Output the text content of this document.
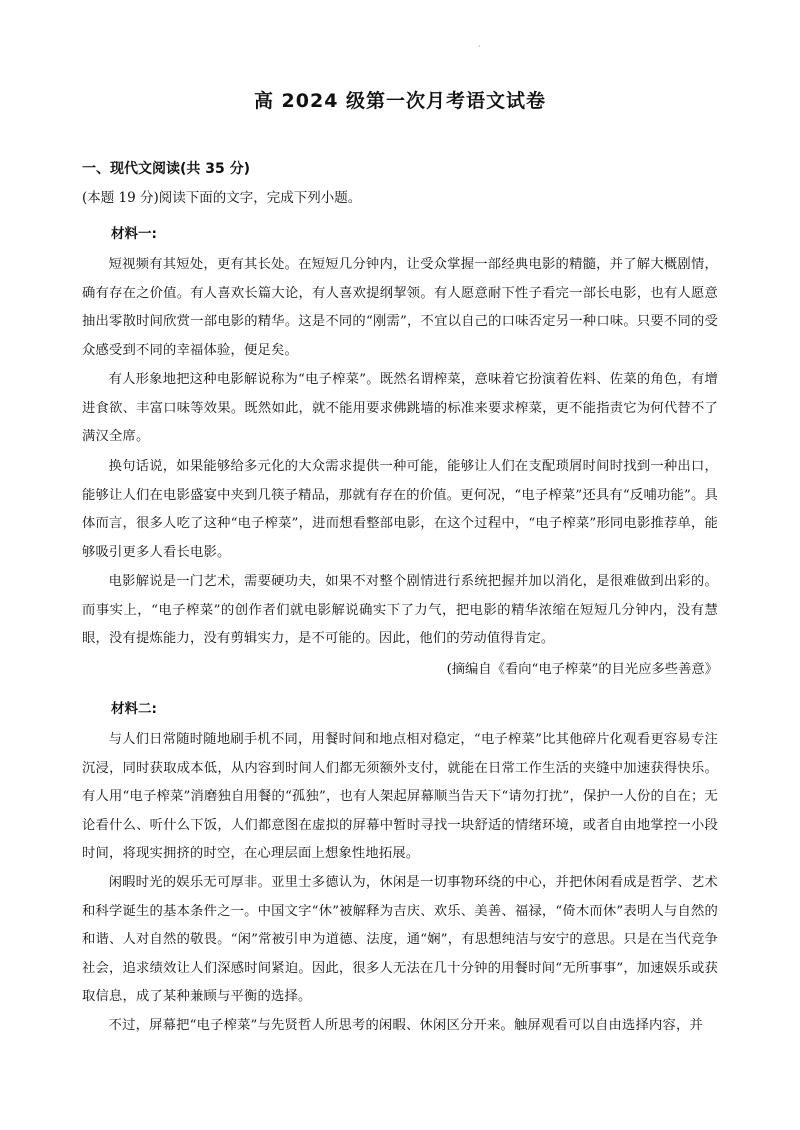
·
高 2024 级第一次月考语文试卷
一、现代文阅读(共 35 分)
(本题 19 分)阅读下面的文字，完成下列小题。
材料一:

短视频有其短处，更有其长处。在短短几分钟内，让受众掌握一部经典电影的精髓，并了解大概剧情，确有存在之价值。有人喜欢长篇大论，有人喜欢提纲挈领。有人愿意耐下性子看完一部长电影，也有人愿意抽出零散时间欣赏一部电影的精华。这是不同的“刚需”，不宜以自己的口味否定另一种口味。只要不同的受众感受到不同的幸福体验，便足矣。

有人形象地把这种电影解说称为“电子榨菜”。既然名谓榨菜，意味着它扮演着佐料、佐菜的角色，有增进食欲、丰富口味等效果。既然如此，就不能用要求佛跳墙的标准来要求榨菜，更不能指责它为何代替不了满汉全席。

换句话说，如果能够给多元化的大众需求提供一种可能，能够让人们在支配琐屑时间时找到一种出口，能够让人们在电影盛宴中夹到几筷子精品，那就有存在的价值。更何况，“电子榨菜”还具有“反哺功能”。具体而言，很多人吃了这种“电子榨菜”，进而想看整部电影，在这个过程中，“电子榨菜”形同电影推荐单，能够吸引更多人看长电影。

电影解说是一门艺术，需要硬功夫，如果不对整个剧情进行系统把握并加以消化，是很难做到出彩的。而事实上，“电子榨菜”的创作者们就电影解说确实下了力气，把电影的精华浓缩在短短几分钟内，没有慧眼，没有提炼能力，没有剪辑实力，是不可能的。因此，他们的劳动值得肯定。

(摘编自《看向“电子榨菜”的目光应多些善意》
材料二:

与人们日常随时随地刷手机不同，用餐时间和地点相对稳定，“电子榨菜”比其他碎片化观看更容易专注沉浸，同时获取成本低，从内容到时间人们都无须额外支付，就能在日常工作生活的夹缝中加速获得快乐。有人用“电子榨菜”消磨独自用餐的“孤独”，也有人架起屏幕顺当告天下“请勿打扰”，保护一人份的自在；无论看什么、听什么下饭，人们都意图在虚拟的屏幕中暂时寻找一块舒适的情绪环境，或者自由地掌控一小段时间，将现实拥挤的时空，在心理层面上想象性地拓展。

闲暇时光的娱乐无可厚非。亚里士多德认为，休闲是一切事物环绕的中心，并把休闲看成是哲学、艺术和科学诞生的基本条件之一。中国文字“休”被解释为吉庆、欢乐、美善、福禄，“倚木而休”表明人与自然的和谐、人对自然的敬畏。“闲”常被引申为道德、法度，通“娴”，有思想纯洁与安宁的意思。只是在当代竞争社会，追求绩效让人们深感时间紧迫。因此，很多人无法在几十分钟的用餐时间“无所事事”，加速娱乐或获取信息，成了某种兼顾与平衡的选择。

不过，屏幕把“电子榨菜”与先贤哲人所思考的闲暇、休闲区分开来。触屏观看可以自由选择内容，并
